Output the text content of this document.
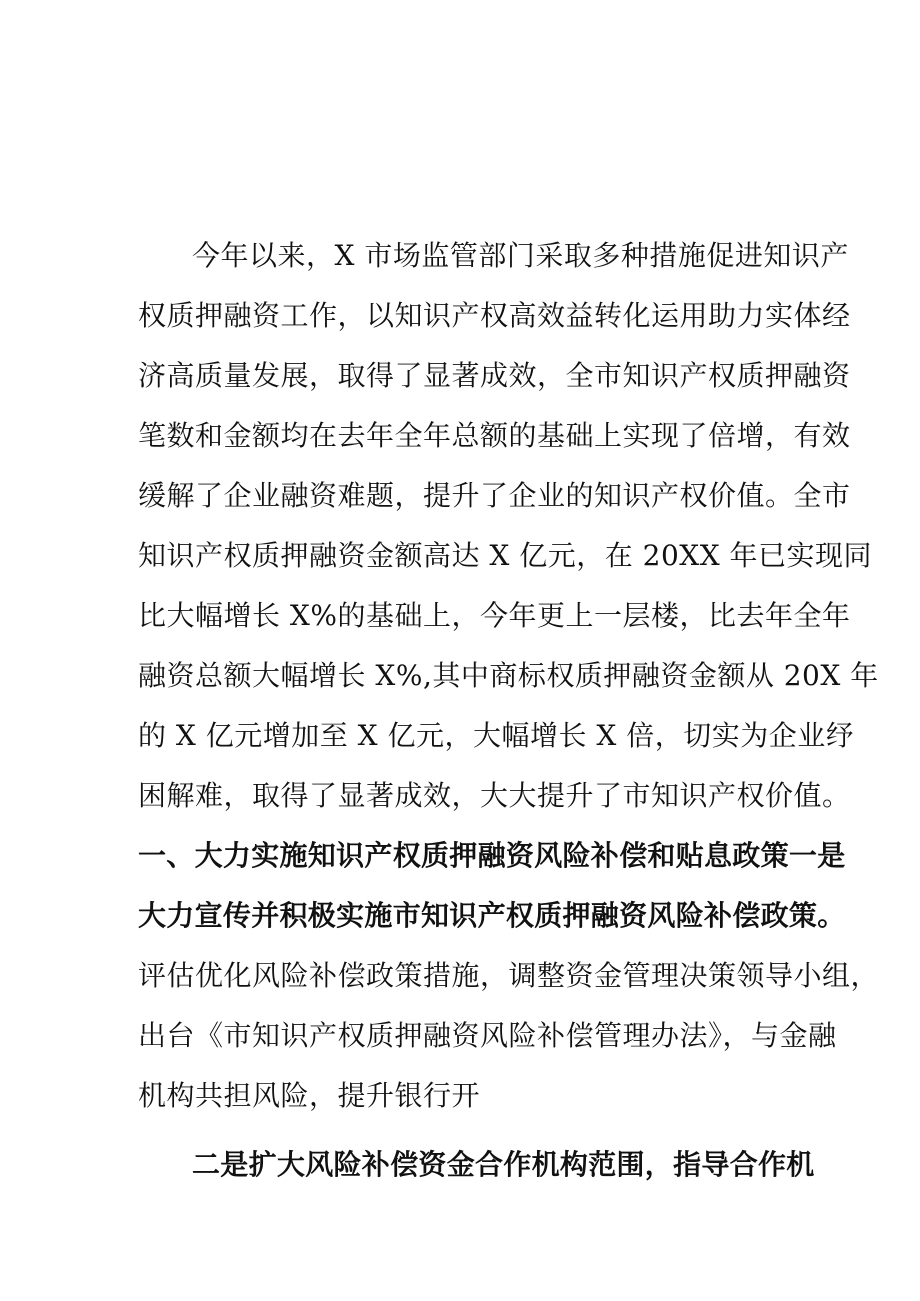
今年以来，X 市场监管部门采取多种措施促进知识产
权质押融资工作，以知识产权高效益转化运用助力实体经
济高质量发展，取得了显著成效，全市知识产权质押融资
笔数和金额均在去年全年总额的基础上实现了倍增，有效
缓解了企业融资难题，提升了企业的知识产权价值。全市
知识产权质押融资金额高达 X 亿元，在 20XX 年已实现同
比大幅增长 X%的基础上，今年更上一层楼，比去年全年
融资总额大幅增长 X%,其中商标权质押融资金额从 20X 年
的 X 亿元增加至 X 亿元，大幅增长 X 倍，切实为企业纾
困解难，取得了显著成效，大大提升了市知识产权价值。
一、大力实施知识产权质押融资风险补偿和贴息政策一是
大力宣传并积极实施市知识产权质押融资风险补偿政策。
评估优化风险补偿政策措施，调整资金管理决策领导小组，
出台《市知识产权质押融资风险补偿管理办法》，与金融
机构共担风险，提升银行开
二是扩大风险补偿资金合作机构范围，指导合作机
